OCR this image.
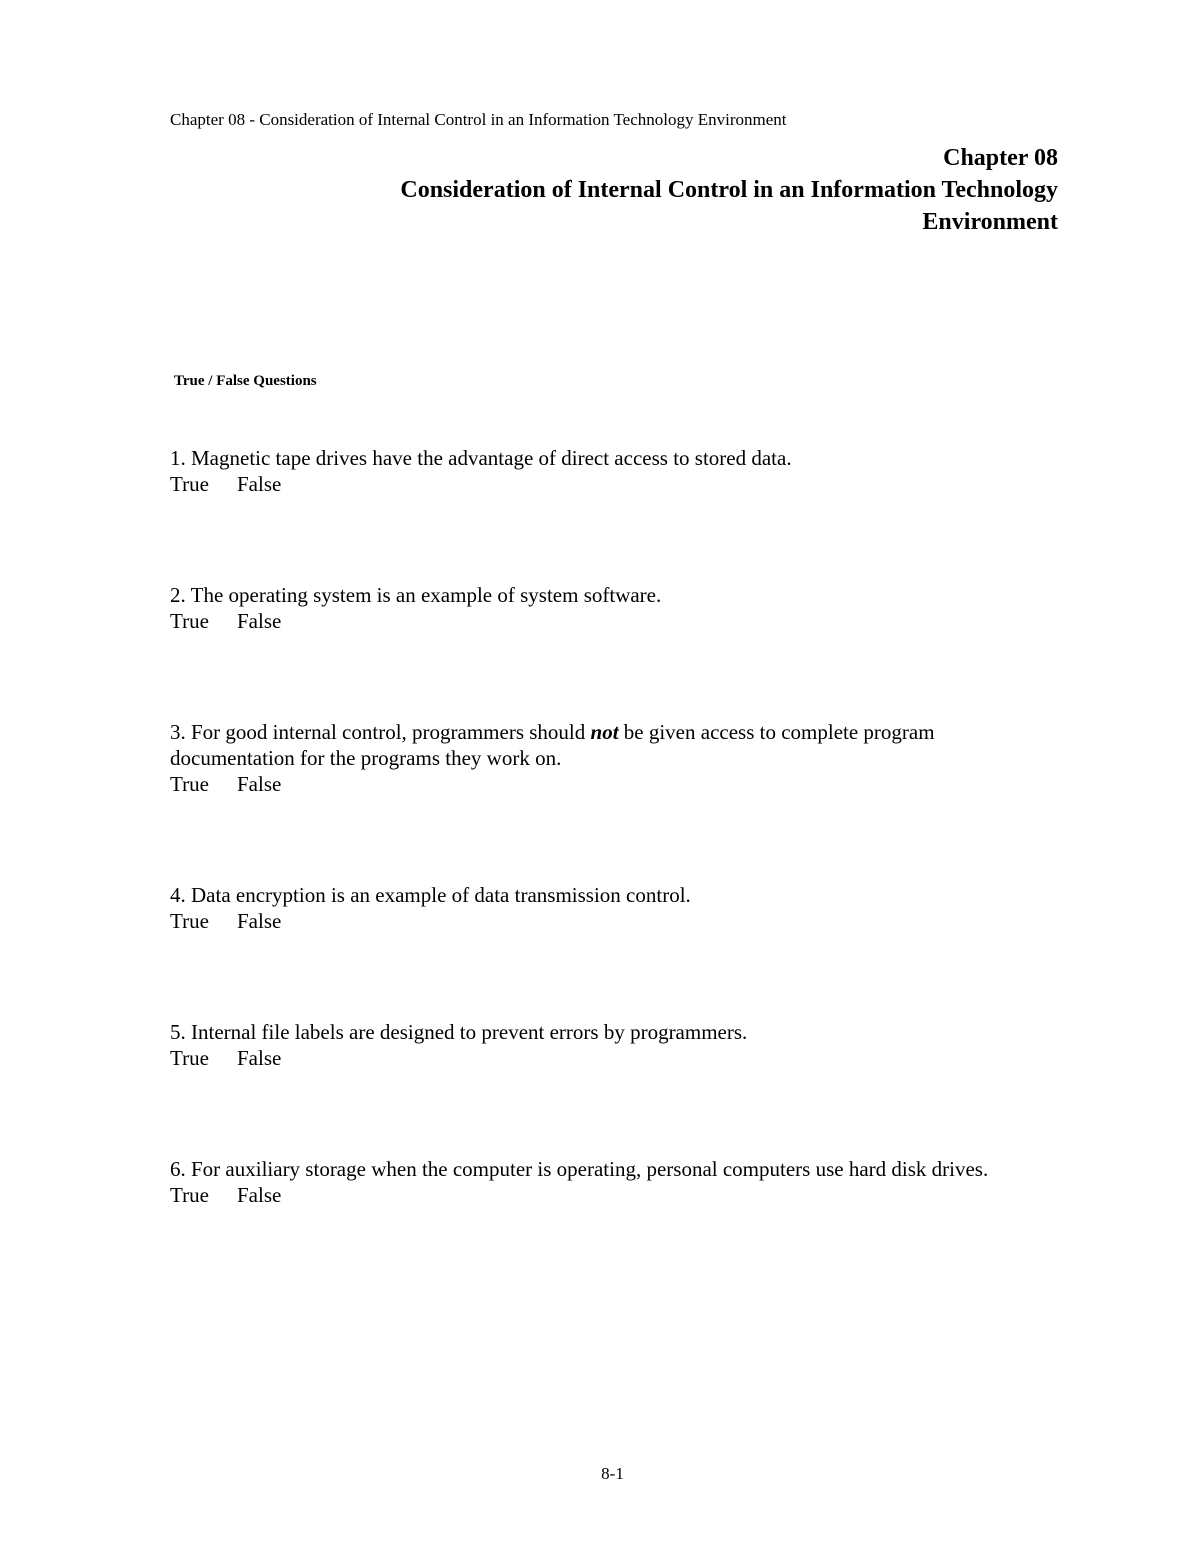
Chapter 08 - Consideration of Internal Control in an Information Technology Environment
Chapter 08
Consideration of Internal Control in an Information Technology
Environment
True / False Questions
1. Magnetic tape drives have the advantage of direct access to stored data.
True False
2. The operating system is an example of system software.
True False
3. For good internal control, programmers should not be given access to complete program documentation for the programs they work on.
True False
4. Data encryption is an example of data transmission control.
True False
5. Internal file labels are designed to prevent errors by programmers.
True False
6. For auxiliary storage when the computer is operating, personal computers use hard disk drives.
True False
8-1
